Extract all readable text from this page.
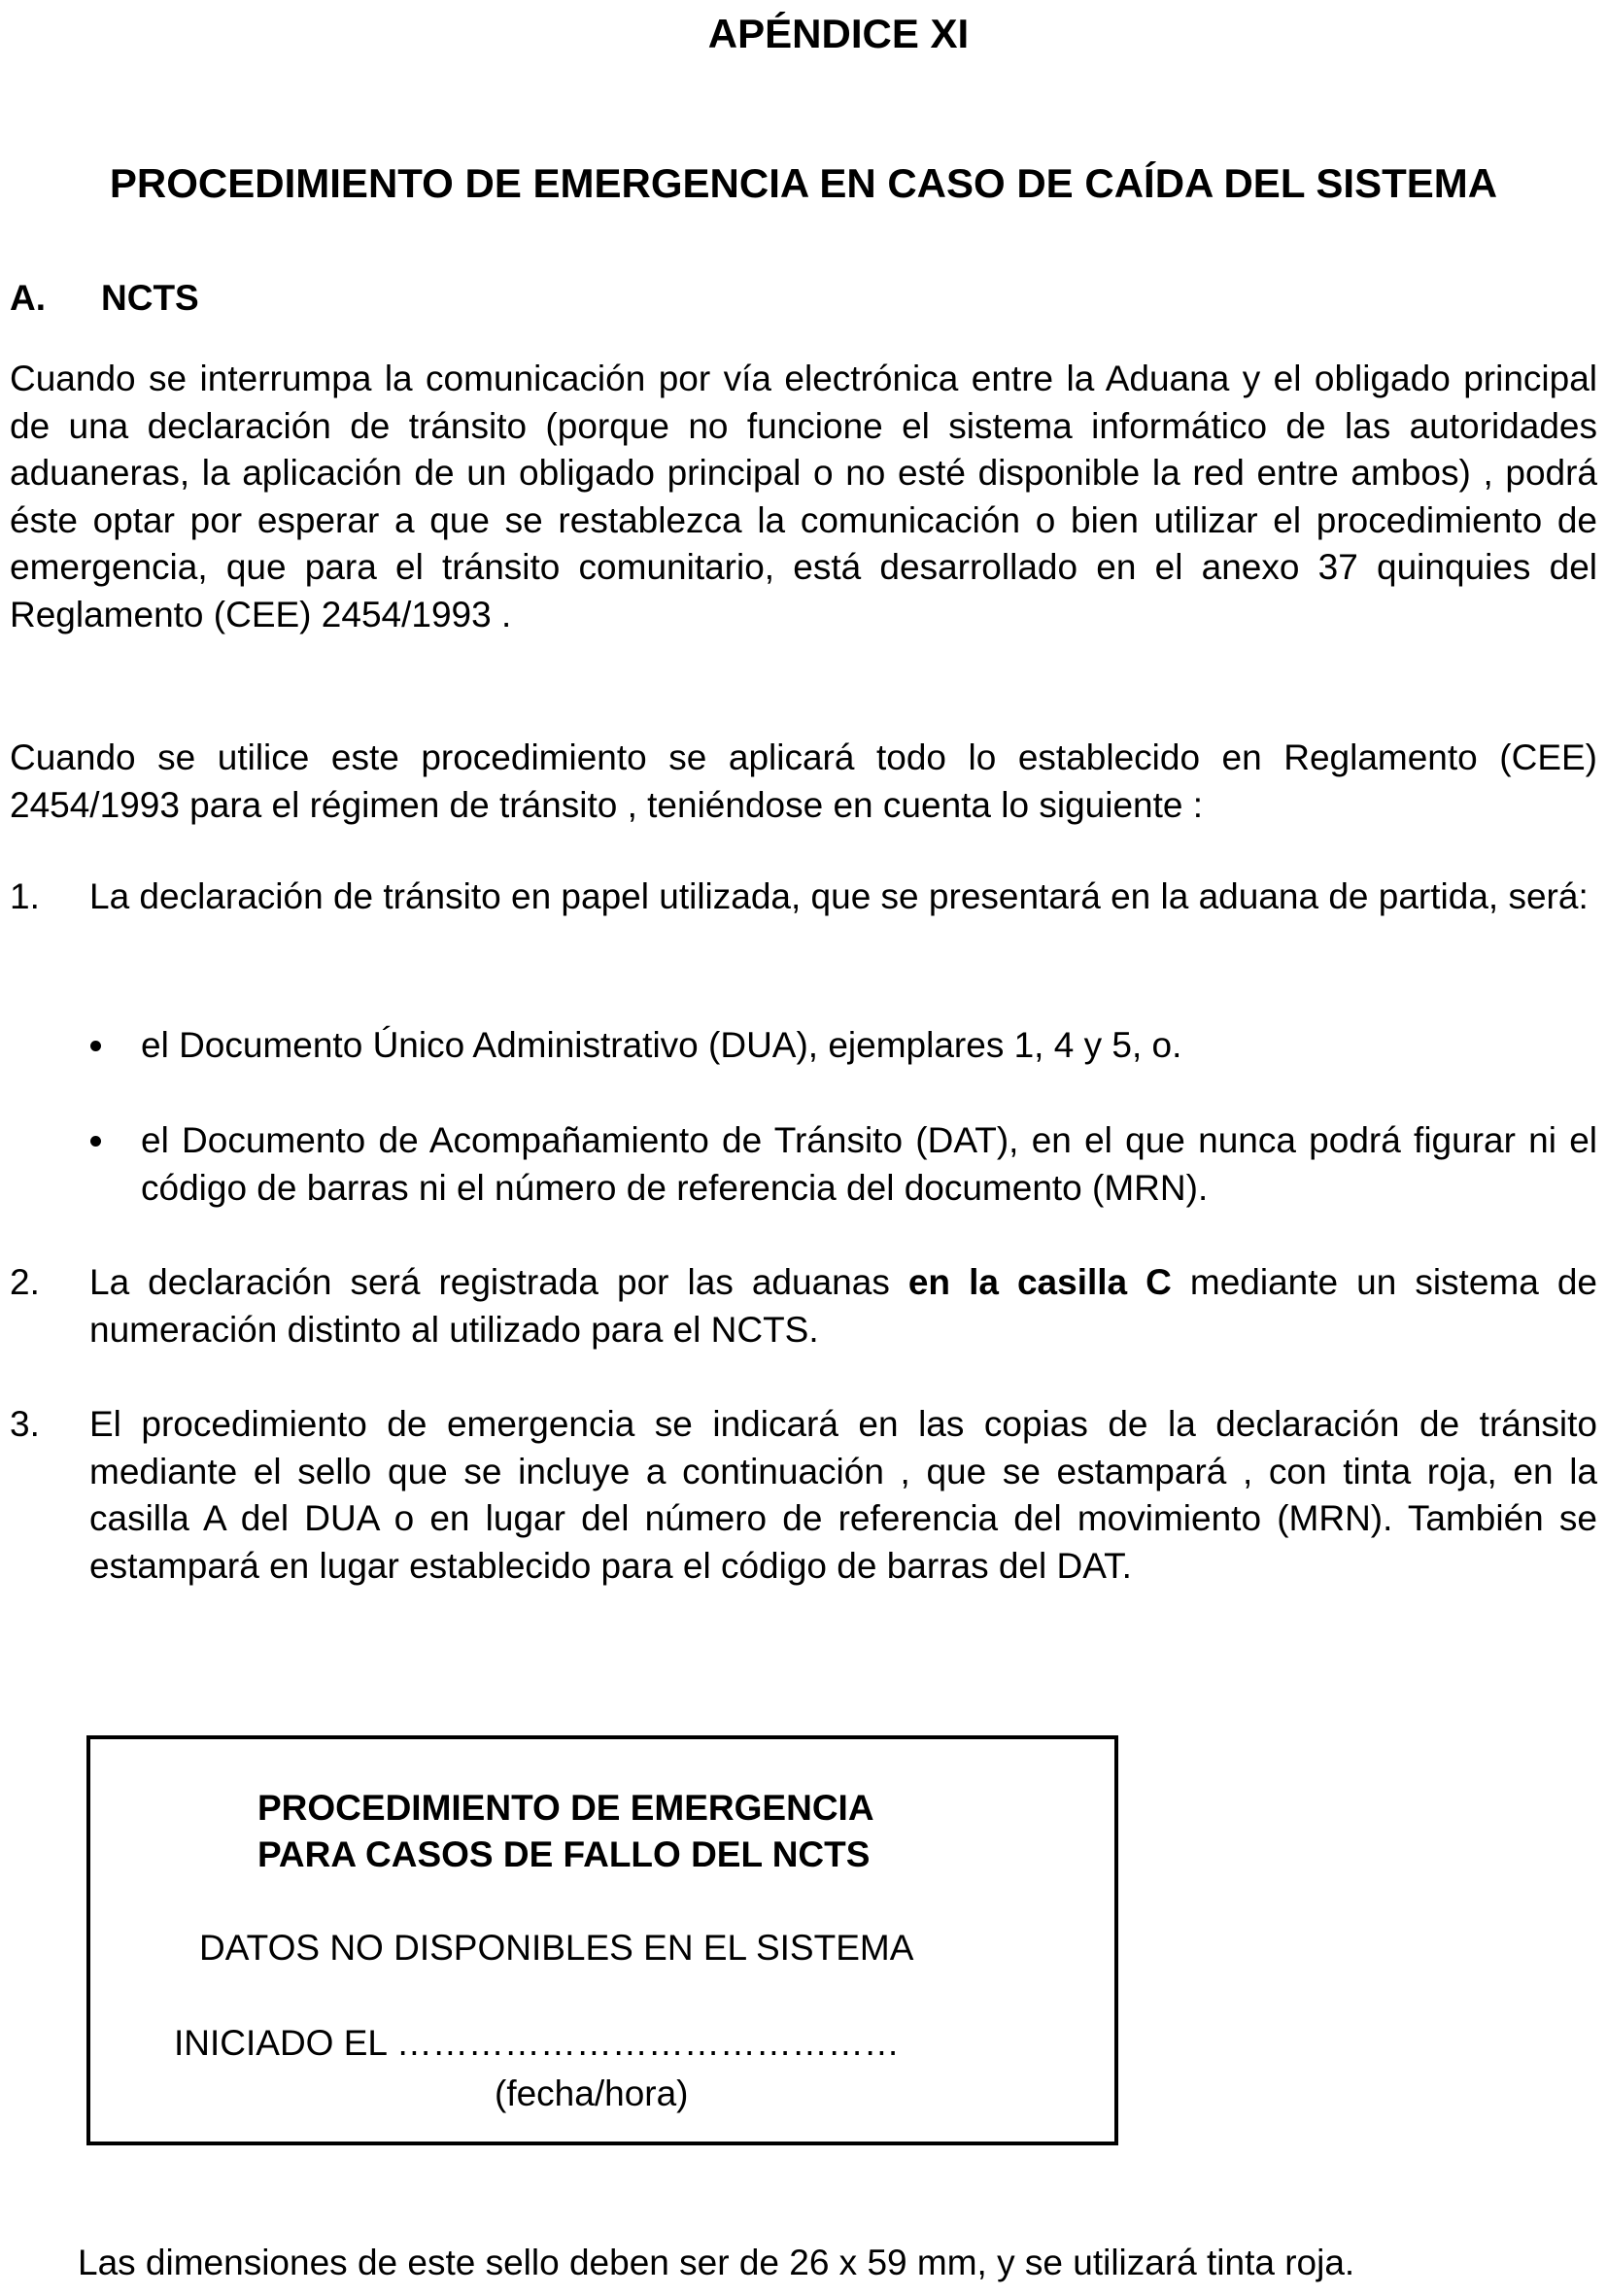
APÉNDICE XI
PROCEDIMIENTO DE EMERGENCIA EN CASO DE CAÍDA DEL SISTEMA
A. NCTS

Cuando se interrumpa la comunicación por vía electrónica entre la Aduana y el obligado principal de una declaración de tránsito (porque no funcione el sistema informático de las autoridades aduaneras, la aplicación de un obligado principal o no esté disponible la red entre ambos) , podrá éste optar por esperar a que se restablezca la comunicación o bien utilizar el procedimiento de emergencia, que para el tránsito comunitario, está desarrollado en el anexo 37 quinquies del Reglamento (CEE) 2454/1993 .

Cuando se utilice este procedimiento se aplicará todo lo establecido en Reglamento (CEE) 2454/1993 para el régimen de tránsito , teniéndose en cuenta lo siguiente :

1. La declaración de tránsito en papel utilizada, que se presentará en la aduana de partida, será:
el Documento Único Administrativo (DUA), ejemplares 1, 4 y 5, o.
el Documento de Acompañamiento de Tránsito (DAT), en el que nunca podrá figurar ni el código de barras ni el número de referencia del documento (MRN).
2. La declaración será registrada por las aduanas en la casilla C mediante un sistema de numeración distinto al utilizado para el NCTS.
3. El procedimiento de emergencia se indicará en las copias de la declaración de tránsito mediante el sello que se incluye a continuación , que se estampará , con tinta roja, en la casilla A del DUA o en lugar del número de referencia del movimiento (MRN). También se estampará en lugar establecido para el código de barras del DAT.

PROCEDIMIENTO DE EMERGENCIA

PARA CASOS DE FALLO DEL NCTS

DATOS NO DISPONIBLES EN EL SISTEMA

INICIADO EL ……………………………………

(fecha/hora)

Las dimensiones de este sello deben ser de 26 x 59 mm, y se utilizará tinta roja.
